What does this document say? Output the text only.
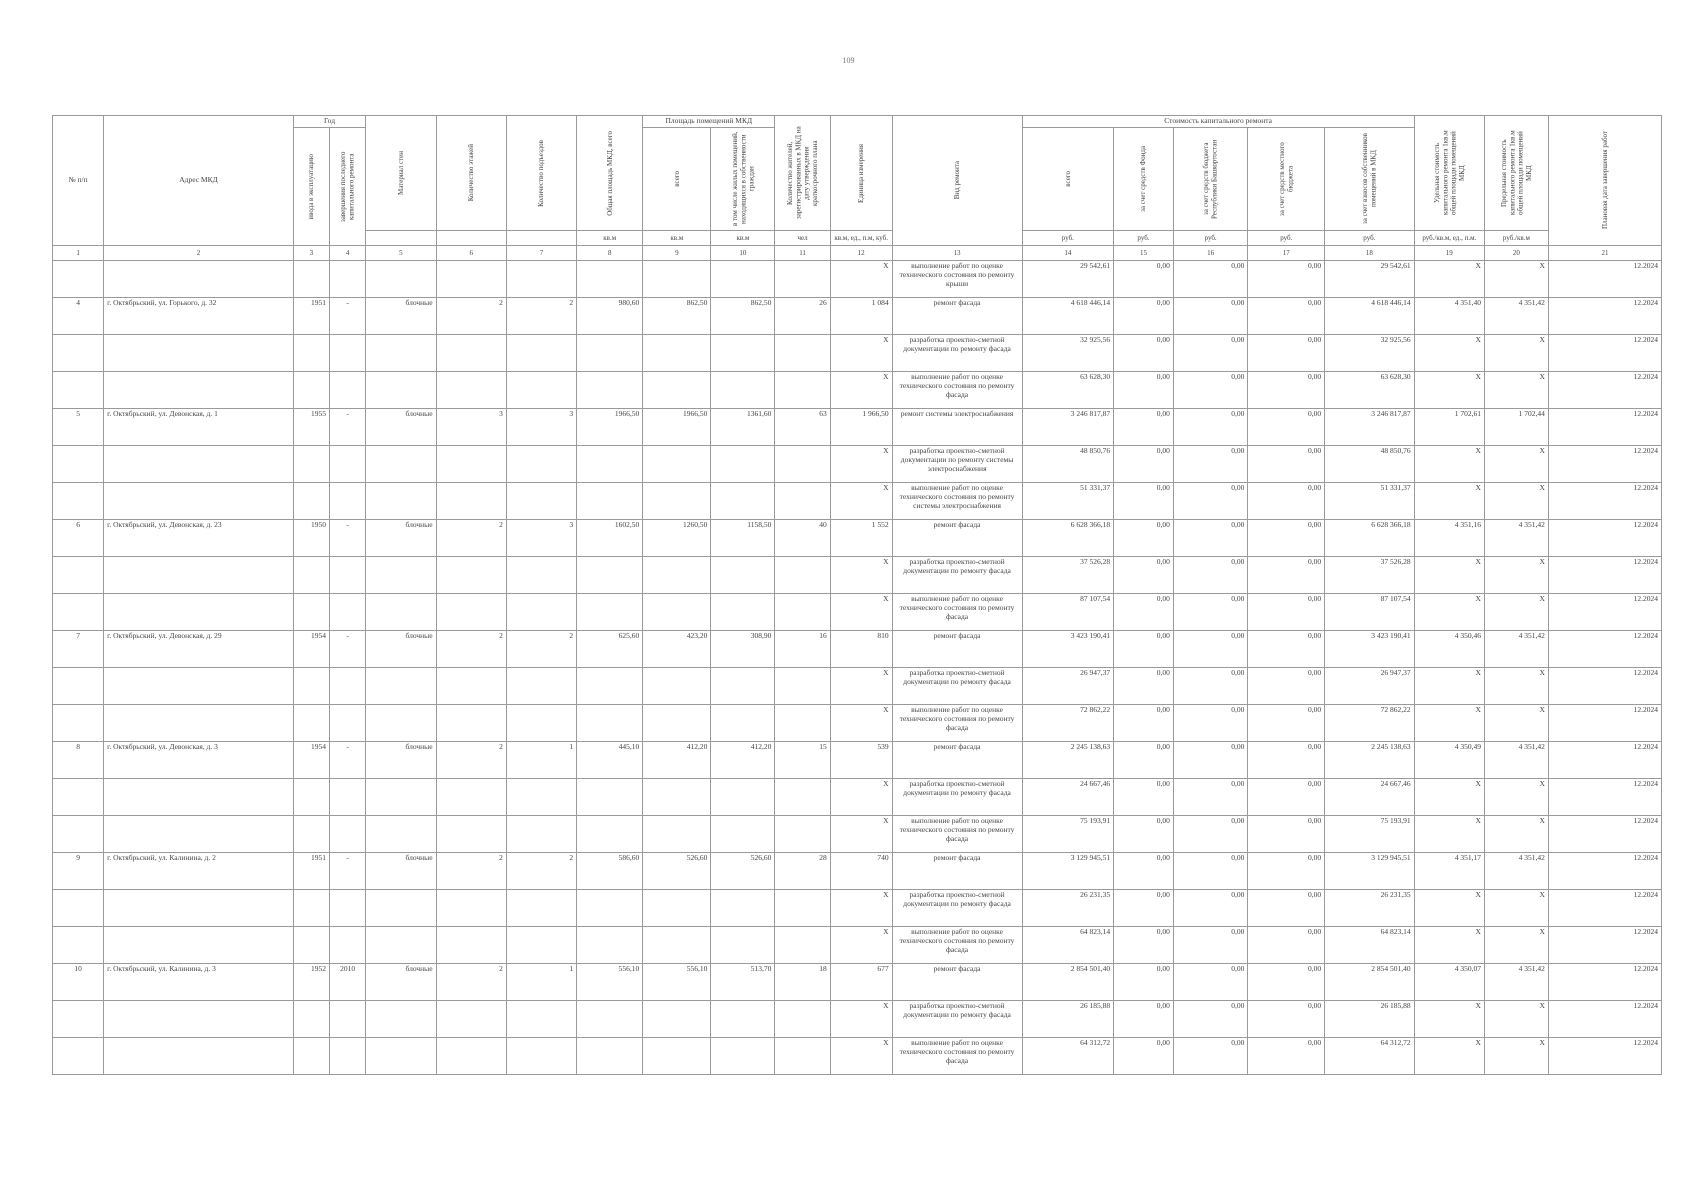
109
№ п/п	Адрес МКД	Год		Материал стен	Количество этажей	Количество подъездов	Общая площадь МКД, всего	Площадь помещений МКД		Количество жителей, зарегистрированных в МКД на дату утверждения краткосрочного плана	Единица измерения	Вид ремонта	Стоимость капитального ремонта					Удельная стоимость капитального ремонта 1кв.м общей площади помещений МКД	Предельная стоимость капитального ремонта 1кв.м общей площади помещений МКД	Плановая дата завершения работ

		ввода в эксплуатацию	завершения последнего капитального ремонта					всего	в том числе жилых помещений, находящихся в собственности граждан				всего	за счет средств Фонда	за счет средств бюджета Республики Башкортостан	за счет средств местного бюджета	за счет взносов собственников помещений в МКД			

							кв.м	кв.м	кв.м	чел	кв.м, ед., п.м, куб.		руб.	руб.	руб.	руб.	руб.	руб./кв.м, ед., п.м.	руб./кв.м	
1	2	3	4	5	6	7	8	9	10	11	12	13	14	15	16	17	18	19	20	21
											X	выполнение работ по оценке технического состояния по ремонту крыши	29 542,61	0,00	0,00	0,00	29 542,61	X	X	12.2024
4	г. Октябрьский, ул. Горького, д. 32	1951	-	блочные	2	2	980,60	862,50	862,50	26	1 084	ремонт фасада	4 618 446,14	0,00	0,00	0,00	4 618 446,14	4 351,40	4 351,42	12.2024
											X	разработка проектно-сметной документации по ремонту фасада	32 925,56	0,00	0,00	0,00	32 925,56	X	X	12.2024
											X	выполнение работ по оценке технического состояния по ремонту фасада	63 628,30	0,00	0,00	0,00	63 628,30	X	X	12.2024
5	г. Октябрьский, ул. Девонская, д. 1	1955	-	блочные	3	3	1966,50	1966,50	1361,60	63	1 966,50	ремонт системы электроснабжения	3 246 817,87	0,00	0,00	0,00	3 246 817,87	1 702,61	1 702,44	12.2024
											X	разработка проектно-сметной документации по ремонту системы электроснабжения	48 850,76	0,00	0,00	0,00	48 850,76	X	X	12.2024
											X	выполнение работ по оценке технического состояния по ремонту системы электроснабжения	51 331,37	0,00	0,00	0,00	51 331,37	X	X	12.2024
6	г. Октябрьский, ул. Девонская, д. 23	1950	-	блочные	2	3	1602,50	1260,50	1158,50	40	1 552	ремонт фасада	6 628 366,18	0,00	0,00	0,00	6 628 366,18	4 351,16	4 351,42	12.2024
											X	разработка проектно-сметной документации по ремонту фасада	37 526,28	0,00	0,00	0,00	37 526,28	X	X	12.2024
											X	выполнение работ по оценке технического состояния по ремонту фасада	87 107,54	0,00	0,00	0,00	87 107,54	X	X	12.2024
7	г. Октябрьский, ул. Девонская, д. 29	1954	-	блочные	2	2	625,60	423,20	308,90	16	810	ремонт фасада	3 423 190,41	0,00	0,00	0,00	3 423 190,41	4 350,46	4 351,42	12.2024
											X	разработка проектно-сметной документации по ремонту фасада	26 947,37	0,00	0,00	0,00	26 947,37	X	X	12.2024
											X	выполнение работ по оценке технического состояния по ремонту фасада	72 862,22	0,00	0,00	0,00	72 862,22	X	X	12.2024
8	г. Октябрьский, ул. Девонская, д. 3	1954	-	блочные	2	1	445,10	412,20	412,20	15	539	ремонт фасада	2 245 138,63	0,00	0,00	0,00	2 245 138,63	4 350,49	4 351,42	12.2024
											X	разработка проектно-сметной документации по ремонту фасада	24 667,46	0,00	0,00	0,00	24 667,46	X	X	12.2024
											X	выполнение работ по оценке технического состояния по ремонту фасада	75 193,91	0,00	0,00	0,00	75 193,91	X	X	12.2024
9	г. Октябрьский, ул. Калинина, д. 2	1951	-	блочные	2	2	586,60	526,60	526,60	28	740	ремонт фасада	3 129 945,51	0,00	0,00	0,00	3 129 945,51	4 351,17	4 351,42	12.2024
											X	разработка проектно-сметной документации по ремонту фасада	26 231,35	0,00	0,00	0,00	26 231,35	X	X	12.2024
											X	выполнение работ по оценке технического состояния по ремонту фасада	64 823,14	0,00	0,00	0,00	64 823,14	X	X	12.2024
10	г. Октябрьский, ул. Калинина, д. 3	1952	2010	блочные	2	1	556,10	556,10	513,70	18	677	ремонт фасада	2 854 501,40	0,00	0,00	0,00	2 854 501,40	4 350,07	4 351,42	12.2024
											X	разработка проектно-сметной документации по ремонту фасада	26 185,88	0,00	0,00	0,00	26 185,88	X	X	12.2024
											X	выполнение работ по оценке технического состояния по ремонту фасада	64 312,72	0,00	0,00	0,00	64 312,72	X	X	12.2024
